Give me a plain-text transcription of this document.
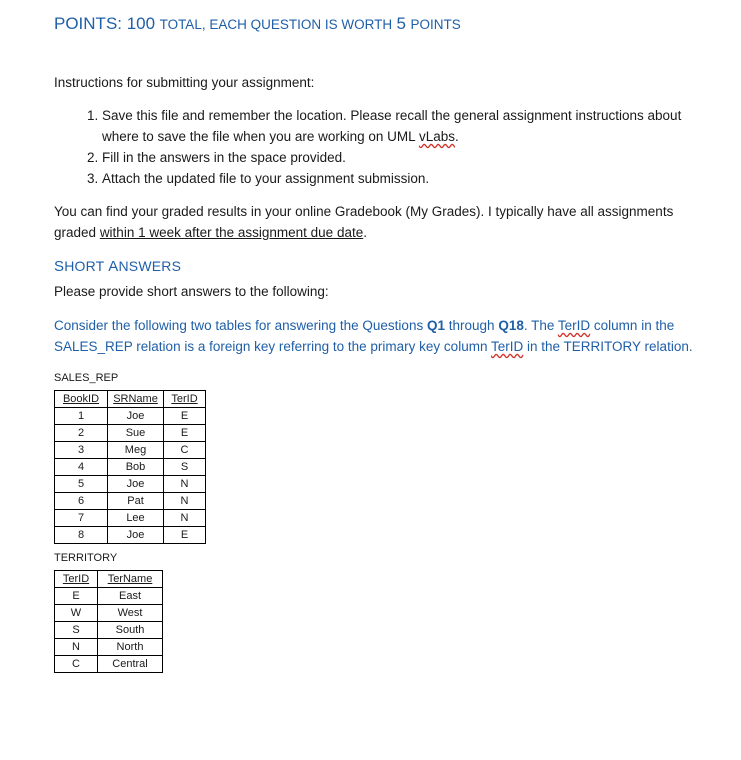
POINTS: 100 TOTAL, EACH QUESTION IS WORTH 5 POINTS
Instructions for submitting your assignment:
1. Save this file and remember the location. Please recall the general assignment instructions about where to save the file when you are working on UML vLabs.
2. Fill in the answers in the space provided.
3. Attach the updated file to your assignment submission.
You can find your graded results in your online Gradebook (My Grades). I typically have all assignments graded within 1 week after the assignment due date.
SHORT ANSWERS
Please provide short answers to the following:
Consider the following two tables for answering the Questions Q1 through Q18. The TerID column in the SALES_REP relation is a foreign key referring to the primary key column TerID in the TERRITORY relation.
SALES_REP
BookID	SRName	TerID
1	Joe	E
2	Sue	E
3	Meg	C
4	Bob	S
5	Joe	N
6	Pat	N
7	Lee	N
8	Joe	E
TERRITORY
TerID	TerName
E	East
W	West
S	South
N	North
C	Central
